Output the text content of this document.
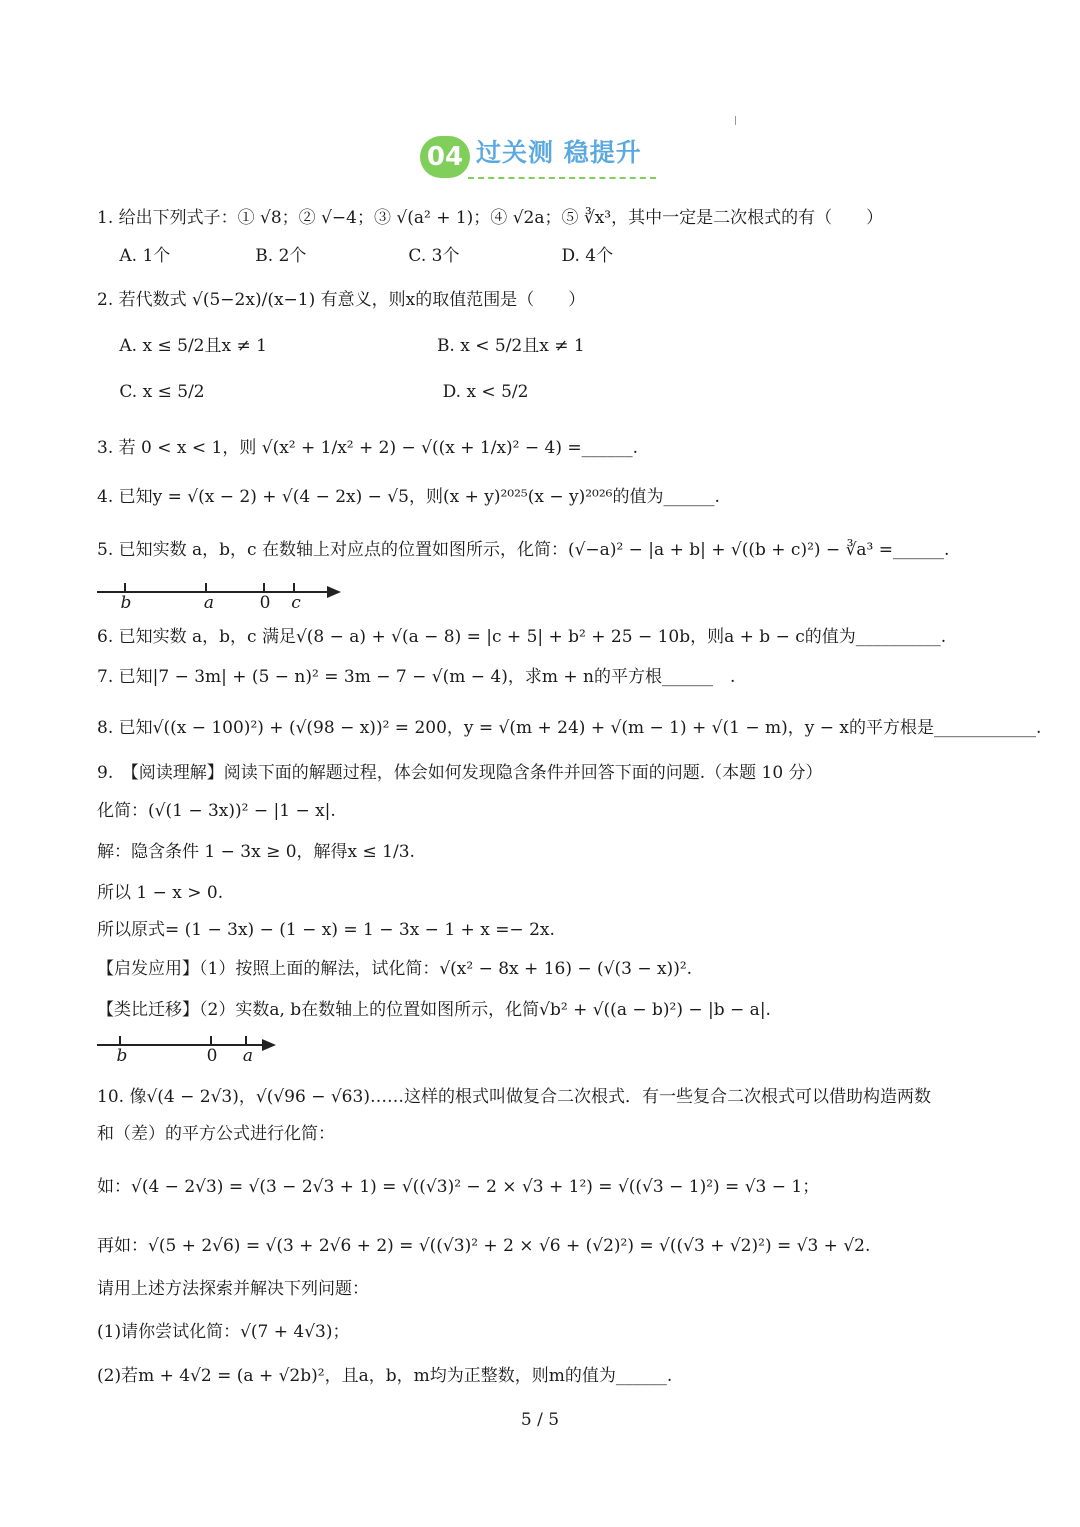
04 过关测 稳提升
1. 给出下列式子：① √8；② √−4；③ √(a² + 1)；④ √2a；⑤ ∛x³，其中一定是二次根式的有（　　）
　 A. 1个　　　　　B. 2个　　　　　　C. 3个　　　　　　D. 4个
2. 若代数式 √(5−2x)/(x−1) 有意义，则x的取值范围是（　　）
　 A. x ≤ 5/2且x ≠ 1　　　　　　　　　　B. x < 5/2且x ≠ 1
　 C. x ≤ 5/2　　　　　　　　　　　　　　D. x < 5/2
3. 若 0 < x < 1，则 √(x² + 1/x² + 2) − √((x + 1/x)² − 4) =______.
4. 已知y = √(x − 2) + √(4 − 2x) − √5，则(x + y)²⁰²⁵(x − y)²⁰²⁶的值为______.
5. 已知实数 a，b，c 在数轴上对应点的位置如图所示，化简：(√−a)² − |a + b| + √((b + c)²) − ∛a³ =______.
6. 已知实数 a，b，c 满足√(8 − a) + √(a − 8) = |c + 5| + b² + 25 − 10b，则a + b − c的值为__________.
7. 已知|7 − 3m| + (5 − n)² = 3m − 7 − √(m − 4)，求m + n的平方根______　.
8. 已知√((x − 100)²) + (√(98 − x))² = 200，y = √(m + 24) + √(m − 1) + √(1 − m)，y − x的平方根是____________.
9.　【阅读理解】阅读下面的解题过程，体会如何发现隐含条件并回答下面的问题.（本题 10 分）
化简：(√(1 − 3x))² − |1 − x|.
解：隐含条件 1 − 3x ≥ 0，解得x ≤ 1/3.
所以 1 − x > 0.
所以原式= (1 − 3x) − (1 − x) = 1 − 3x − 1 + x =− 2x.
【启发应用】（1）按照上面的解法，试化简：√(x² − 8x + 16) − (√(3 − x))².
【类比迁移】（2）实数a, b在数轴上的位置如图所示，化简√b² + √((a − b)²) − |b − a|.
10. 像√(4 − 2√3)，√(√96 − √63)……这样的根式叫做复合二次根式．有一些复合二次根式可以借助构造两数
和（差）的平方公式进行化简：
如：√(4 − 2√3) = √(3 − 2√3 + 1) = √((√3)² − 2 × √3 + 1²) = √((√3 − 1)²) = √3 − 1；
再如：√(5 + 2√6) = √(3 + 2√6 + 2) = √((√3)² + 2 × √6 + (√2)²) = √((√3 + √2)²) = √3 + √2.
请用上述方法探索并解决下列问题：
(1)请你尝试化简：√(7 + 4√3)；
(2)若m + 4√2 = (a + √2b)²，且a，b，m均为正整数，则m的值为______.
b	a	0	c
b	0 a
5 / 5
